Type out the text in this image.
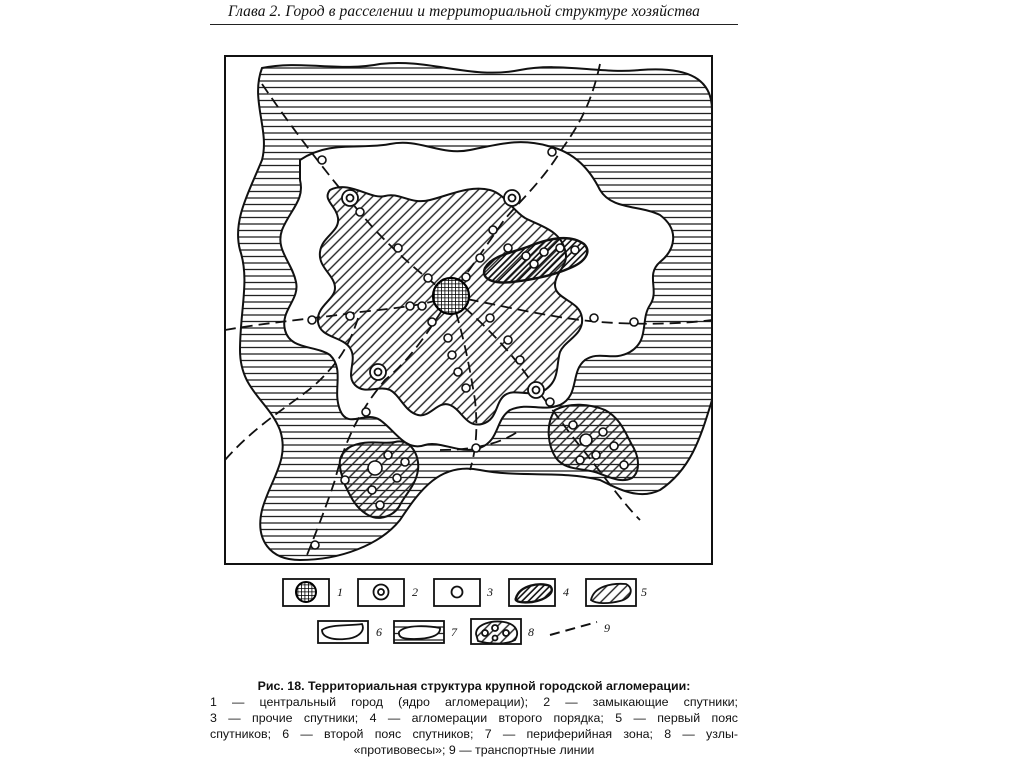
Глава 2. Город в расселении и территориальной структуре хозяйства
1	2	3	4	5
6	7	8	9
Рис. 18. Территориальная структура крупной городской агломерации:
1 — центральный город (ядро агломерации); 2 — замыкающие спутники;
3 — прочие спутники; 4 — агломерации второго порядка; 5 — первый пояс
спутников; 6 — второй пояс спутников; 7 — периферийная зона; 8 — узлы-
«противовесы»; 9 — транспортные линии
